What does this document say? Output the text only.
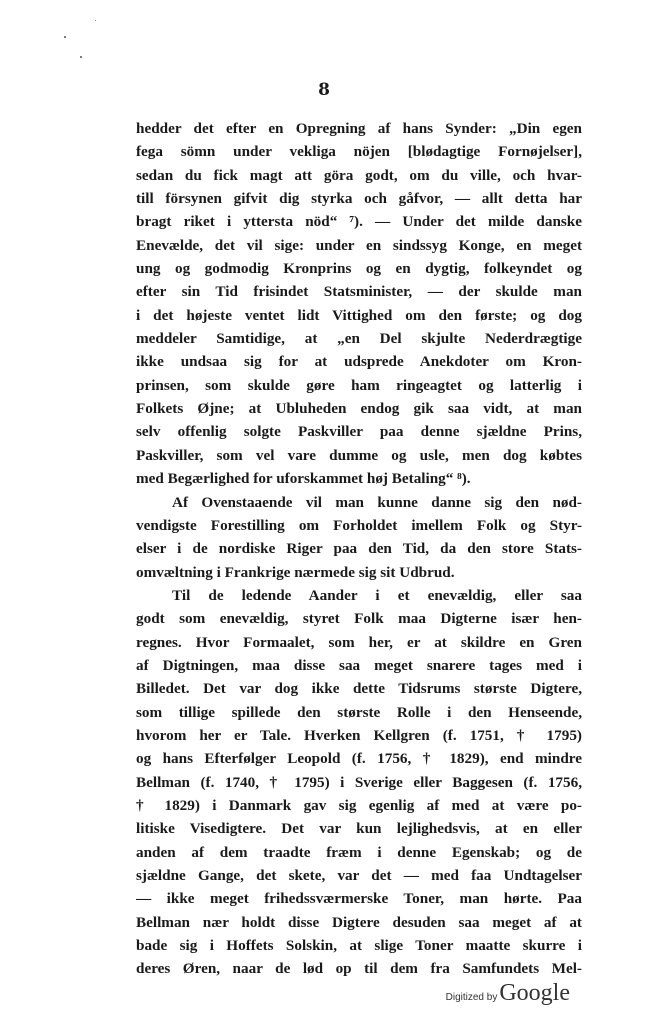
8
hedder det efter en Opregning af hans Synder: „Din egen
fega sömn under vekliga nöjen [blødagtige Fornøjelser],
sedan du fick magt att göra godt, om du ville, och hvar-
till försynen gifvit dig styrka och gåfvor, — allt detta har
bragt riket i yttersta nöd“ ⁷). — Under det milde danske
Enevælde, det vil sige: under en sindssyg Konge, en meget
ung og godmodig Kronprins og en dygtig, folkeyndet og
efter sin Tid frisindet Statsminister, — der skulde man
i det højeste ventet lidt Vittighed om den første; og dog
meddeler Samtidige, at „en Del skjulte Nederdrægtige
ikke undsaa sig for at udsprede Anekdoter om Kron-
prinsen, som skulde gøre ham ringeagtet og latterlig i
Folkets Øjne; at Ubluheden endog gik saa vidt, at man
selv offenlig solgte Paskviller paa denne sjældne Prins,
Paskviller, som vel vare dumme og usle, men dog købtes
med Begærlighed for uforskammet høj Betaling“ ⁸).
Af Ovenstaaende vil man kunne danne sig den nød-
vendigste Forestilling om Forholdet imellem Folk og Styr-
elser i de nordiske Riger paa den Tid, da den store Stats-
omvæltning i Frankrige nærmede sig sit Udbrud.
Til de ledende Aander i et enevældig, eller saa
godt som enevældig, styret Folk maa Digterne især hen-
regnes. Hvor Formaalet, som her, er at skildre en Gren
af Digtningen, maa disse saa meget snarere tages med i
Billedet. Det var dog ikke dette Tidsrums største Digtere,
som tillige spillede den største Rolle i den Henseende,
hvorom her er Tale. Hverken Kellgren (f. 1751, † 1795)
og hans Efterfølger Leopold (f. 1756, † 1829), end mindre
Bellman (f. 1740, † 1795) i Sverige eller Baggesen (f. 1756,
† 1829) i Danmark gav sig egenlig af med at være po-
litiske Visedigtere. Det var kun lejlighedsvis, at en eller
anden af dem traadte fræm i denne Egenskab; og de
sjældne Gange, det skete, var det — med faa Undtagelser
— ikke meget frihedssværmerske Toner, man hørte. Paa
Bellman nær holdt disse Digtere desuden saa meget af at
bade sig i Hoffets Solskin, at slige Toner maatte skurre i
deres Øren, naar de lød op til dem fra Samfundets Mel-
Digitized by Google
